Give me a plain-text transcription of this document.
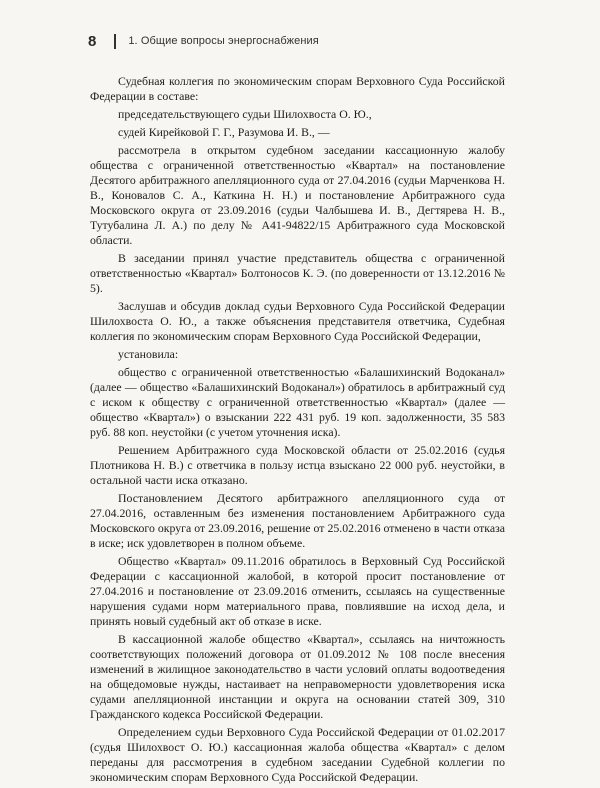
8	1. Общие вопросы энергоснабжения

Судебная коллегия по экономическим спорам Верховного Суда Российской Федерации в составе:

председательствующего судьи Шилохвоста О. Ю.,

судей Кирейковой Г. Г., Разумова И. В., —

рассмотрела в открытом судебном заседании кассационную жалобу общества с ограниченной ответственностью «Квартал» на постановление Десятого арбитражного апелляционного суда от 27.04.2016 (судьи Марченкова Н. В., Коновалов С. А., Каткина Н. Н.) и постановление Арбитражного суда Московского округа от 23.09.2016 (судьи Чалбышева И. В., Дегтярева Н. В., Тутубалина Л. А.) по делу № А41-94822/15 Арбитражного суда Московской области.

В заседании принял участие представитель общества с ограниченной ответственностью «Квартал» Болтоносов К. Э. (по доверенности от 13.12.2016 № 5).

Заслушав и обсудив доклад судьи Верховного Суда Российской Федерации Шилохвоста О. Ю., а также объяснения представителя ответчика, Судебная коллегия по экономическим спорам Верховного Суда Российской Федерации,

установила:

общество с ограниченной ответственностью «Балашихинский Водоканал» (далее — общество «Балашихинский Водоканал») обратилось в арбитражный суд с иском к обществу с ограниченной ответственностью «Квартал» (далее — общество «Квартал») о взыскании 222 431 руб. 19 коп. задолженности, 35 583 руб. 88 коп. неустойки (с учетом уточнения иска).

Решением Арбитражного суда Московской области от 25.02.2016 (судья Плотникова Н. В.) с ответчика в пользу истца взыскано 22 000 руб. неустойки, в остальной части иска отказано.

Постановлением Десятого арбитражного апелляционного суда от 27.04.2016, оставленным без изменения постановлением Арбитражного суда Московского округа от 23.09.2016, решение от 25.02.2016 отменено в части отказа в иске; иск удовлетворен в полном объеме.

Общество «Квартал» 09.11.2016 обратилось в Верховный Суд Российской Федерации с кассационной жалобой, в которой просит постановление от 27.04.2016 и постановление от 23.09.2016 отменить, ссылаясь на существенные нарушения судами норм материального права, повлиявшие на исход дела, и принять новый судебный акт об отказе в иске.

В кассационной жалобе общество «Квартал», ссылаясь на ничтожность соответствующих положений договора от 01.09.2012 № 108 после внесения изменений в жилищное законодательство в части условий оплаты водоотведения на общедомовые нужды, настаивает на неправомерности удовлетворения иска судами апелляционной инстанции и округа на основании статей 309, 310 Гражданского кодекса Российской Федерации.

Определением судьи Верховного Суда Российской Федерации от 01.02.2017 (судья Шилохвост О. Ю.) кассационная жалоба общества «Квартал» с делом переданы для рассмотрения в судебном заседании Судебной коллегии по экономическим спорам Верховного Суда Российской Федерации.
